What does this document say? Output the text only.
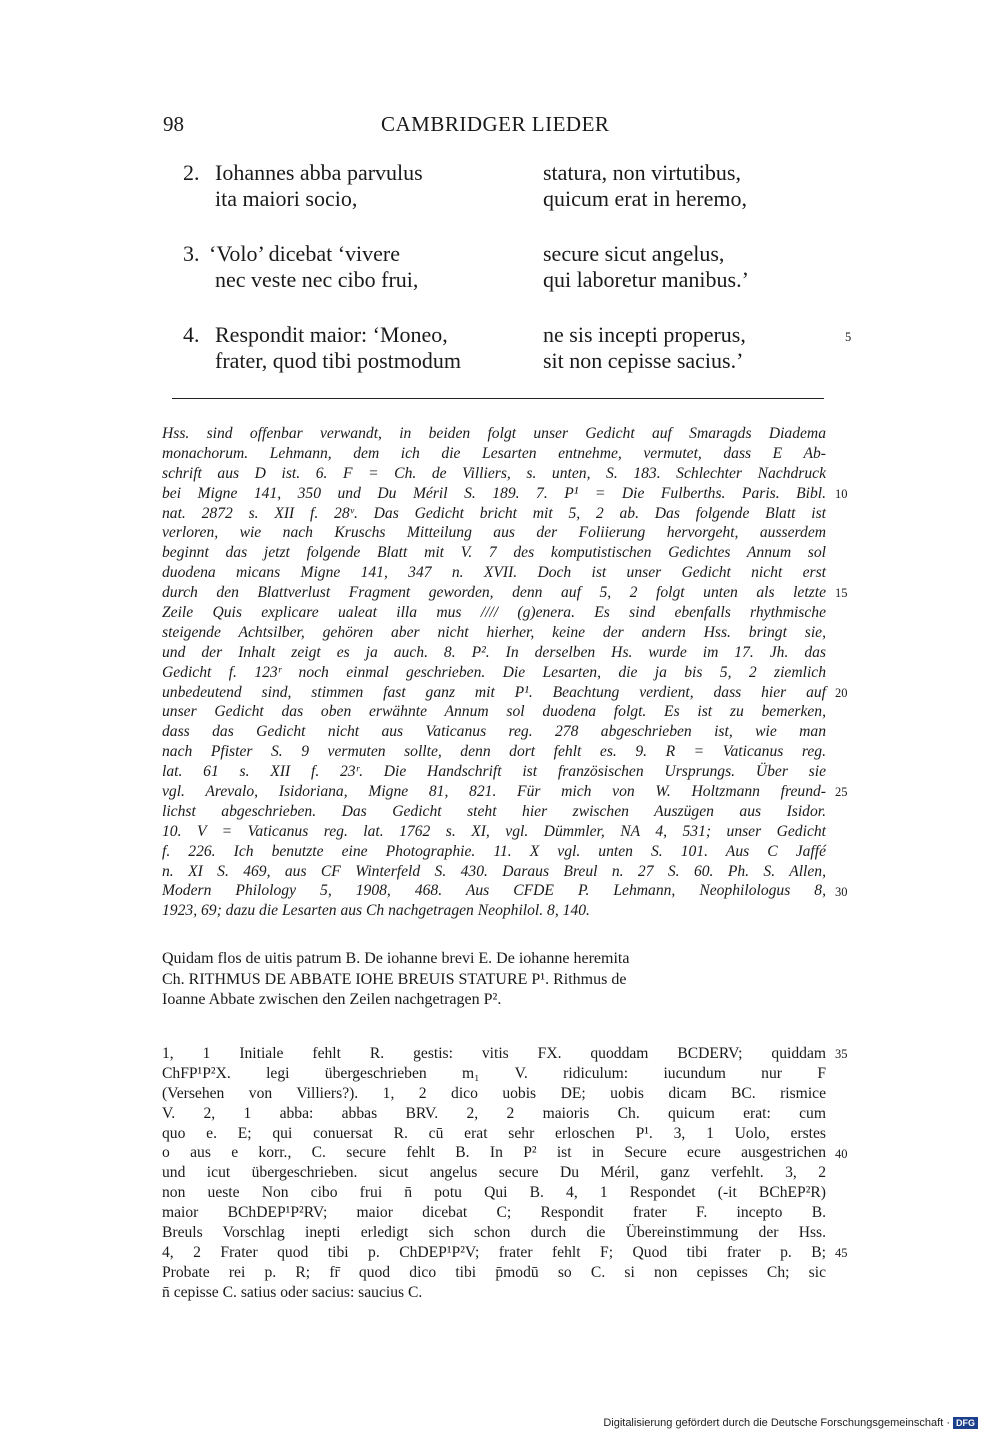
98	CAMBRIDGER LIEDER
2. Iohannes abba parvulus	statura, non virtutibus,
ita maiori socio,	quicum erat in heremo,
3. ‘Volo’ dicebat ‘vivere	secure sicut angelus,
nec veste nec cibo frui,	qui laboretur manibus.’
4. Respondit maior: ‘Moneo,	ne sis incepti properus,
frater, quod tibi postmodum	sit non cepisse sacius.’
5
Hss. sind offenbar verwandt, in beiden folgt unser Gedicht auf Smaragds Diadema
monachorum. Lehmann, dem ich die Lesarten entnehme, vermutet, dass E Ab-
schrift aus D ist. 6. F = Ch. de Villiers, s. unten, S. 183. Schlechter Nachdruck
bei Migne 141, 350 und Du Méril S. 189. 7. P¹ = Die Fulberths. Paris. Bibl.
nat. 2872 s. XII f. 28ᵛ. Das Gedicht bricht mit 5, 2 ab. Das folgende Blatt ist
verloren, wie nach Kruschs Mitteilung aus der Foliierung hervorgeht, ausserdem
beginnt das jetzt folgende Blatt mit V. 7 des komputistischen Gedichtes Annum sol
duodena micans Migne 141, 347 n. XVII. Doch ist unser Gedicht nicht erst
durch den Blattverlust Fragment geworden, denn auf 5, 2 folgt unten als letzte
Zeile Quis explicare ualeat illa mus //// (g)enera. Es sind ebenfalls rhythmische
steigende Achtsilber, gehören aber nicht hierher, keine der andern Hss. bringt sie,
und der Inhalt zeigt es ja auch. 8. P². In derselben Hs. wurde im 17. Jh. das
Gedicht f. 123ʳ noch einmal geschrieben. Die Lesarten, die ja bis 5, 2 ziemlich
unbedeutend sind, stimmen fast ganz mit P¹. Beachtung verdient, dass hier auf
unser Gedicht das oben erwähnte Annum sol duodena folgt. Es ist zu bemerken,
dass das Gedicht nicht aus Vaticanus reg. 278 abgeschrieben ist, wie man
nach Pfister S. 9 vermuten sollte, denn dort fehlt es. 9. R = Vaticanus reg.
lat. 61 s. XII f. 23ʳ. Die Handschrift ist französischen Ursprungs. Über sie
vgl. Arevalo, Isidoriana, Migne 81, 821. Für mich von W. Holtzmann freund-
lichst abgeschrieben. Das Gedicht steht hier zwischen Auszügen aus Isidor.
10. V = Vaticanus reg. lat. 1762 s. XI, vgl. Dümmler, NA 4, 531; unser Gedicht
f. 226. Ich benutzte eine Photographie. 11. X vgl. unten S. 101. Aus C Jaffé
n. XI S. 469, aus CF Winterfeld S. 430. Daraus Breul n. 27 S. 60. Ph. S. Allen,
Modern Philology 5, 1908, 468. Aus CFDE P. Lehmann, Neophilologus 8,
1923, 69; dazu die Lesarten aus Ch nachgetragen Neophilol. 8, 140.
10
15
20
25
30
Quidam flos de uitis patrum B. De iohanne brevi E. De iohanne heremita
Ch. RITHMUS DE ABBATE IOHE BREUIS STATURE P¹. Rithmus de
Ioanne Abbate zwischen den Zeilen nachgetragen P².
1, 1 Initiale fehlt R. gestis: vitis FX. quoddam BCDERV; quiddam
ChFP¹P²X. legi übergeschrieben m₁ V. ridiculum: iucundum nur F
(Versehen von Villiers?). 1, 2 dico uobis DE; uobis dicam BC. rismice
V. 2, 1 abba: abbas BRV. 2, 2 maioris Ch. quicum erat: cum
quo e. E; qui conuersat R. cū erat sehr erloschen P¹. 3, 1 Uolo, erstes
o aus e korr., C. secure fehlt B. In P² ist in Secure ecure ausgestrichen
und icut übergeschrieben. sicut angelus secure Du Méril, ganz verfehlt. 3, 2
non ueste Non cibo frui n̄ potu Qui B. 4, 1 Respondet (-it BChEP²R)
maior BChDEP¹P²RV; maior dicebat C; Respondit frater F. incepto B.
Breuls Vorschlag inepti erledigt sich schon durch die Übereinstimmung der Hss.
4, 2 Frater quod tibi p. ChDEP¹P²V; frater fehlt F; Quod tibi frater p. B;
Probate rei p. R; fr̄ quod dico tibi p̄modū so C. si non cepisses Ch; sic
n̄ cepisse C. satius oder sacius: saucius C.
35
40
45
Digitalisierung gefördert durch die Deutsche Forschungsgemeinschaft · DFG
